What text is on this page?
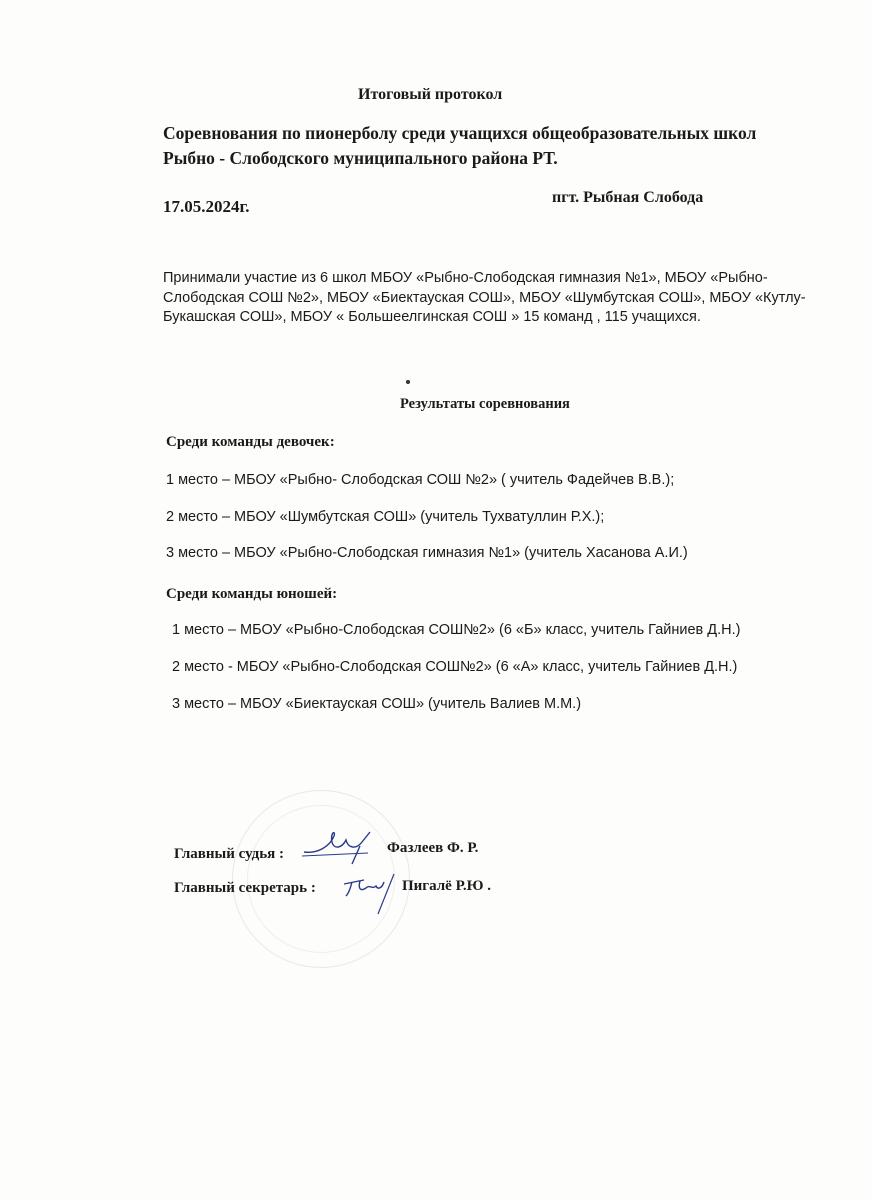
Итоговый протокол
Соревнования по пионерболу среди учащихся общеобразовательных школ Рыбно - Слободского муниципального района РТ.
17.05.2024г.	пгт. Рыбная Слобода
Принимали участие из 6 школ МБОУ «Рыбно-Слободская гимназия №1», МБОУ «Рыбно-Слободская СОШ №2», МБОУ «Биектауская СОШ», МБОУ «Шумбутская СОШ», МБОУ «Кутлу-Букашская СОШ», МБОУ « Большеелгинская СОШ » 15 команд , 115 учащихся.
Результаты соревнования
Среди команды девочек:
1 место – МБОУ «Рыбно- Слободская СОШ №2» ( учитель Фадейчев В.В.);
2 место – МБОУ «Шумбутская СОШ» (учитель Тухватуллин Р.Х.);
3 место – МБОУ «Рыбно-Слободская гимназия №1» (учитель Хасанова А.И.)
Среди команды юношей:
1 место – МБОУ «Рыбно-Слободская СОШ№2» (6 «Б» класс, учитель Гайниев Д.Н.)
2 место - МБОУ «Рыбно-Слободская СОШ№2» (6 «А» класс, учитель Гайниев Д.Н.)
3 место – МБОУ «Биектауская СОШ» (учитель Валиев М.М.)
Главный судья :	Фазлеев Ф. Р.
Главный секретарь :	Пигалё Р.Ю .
